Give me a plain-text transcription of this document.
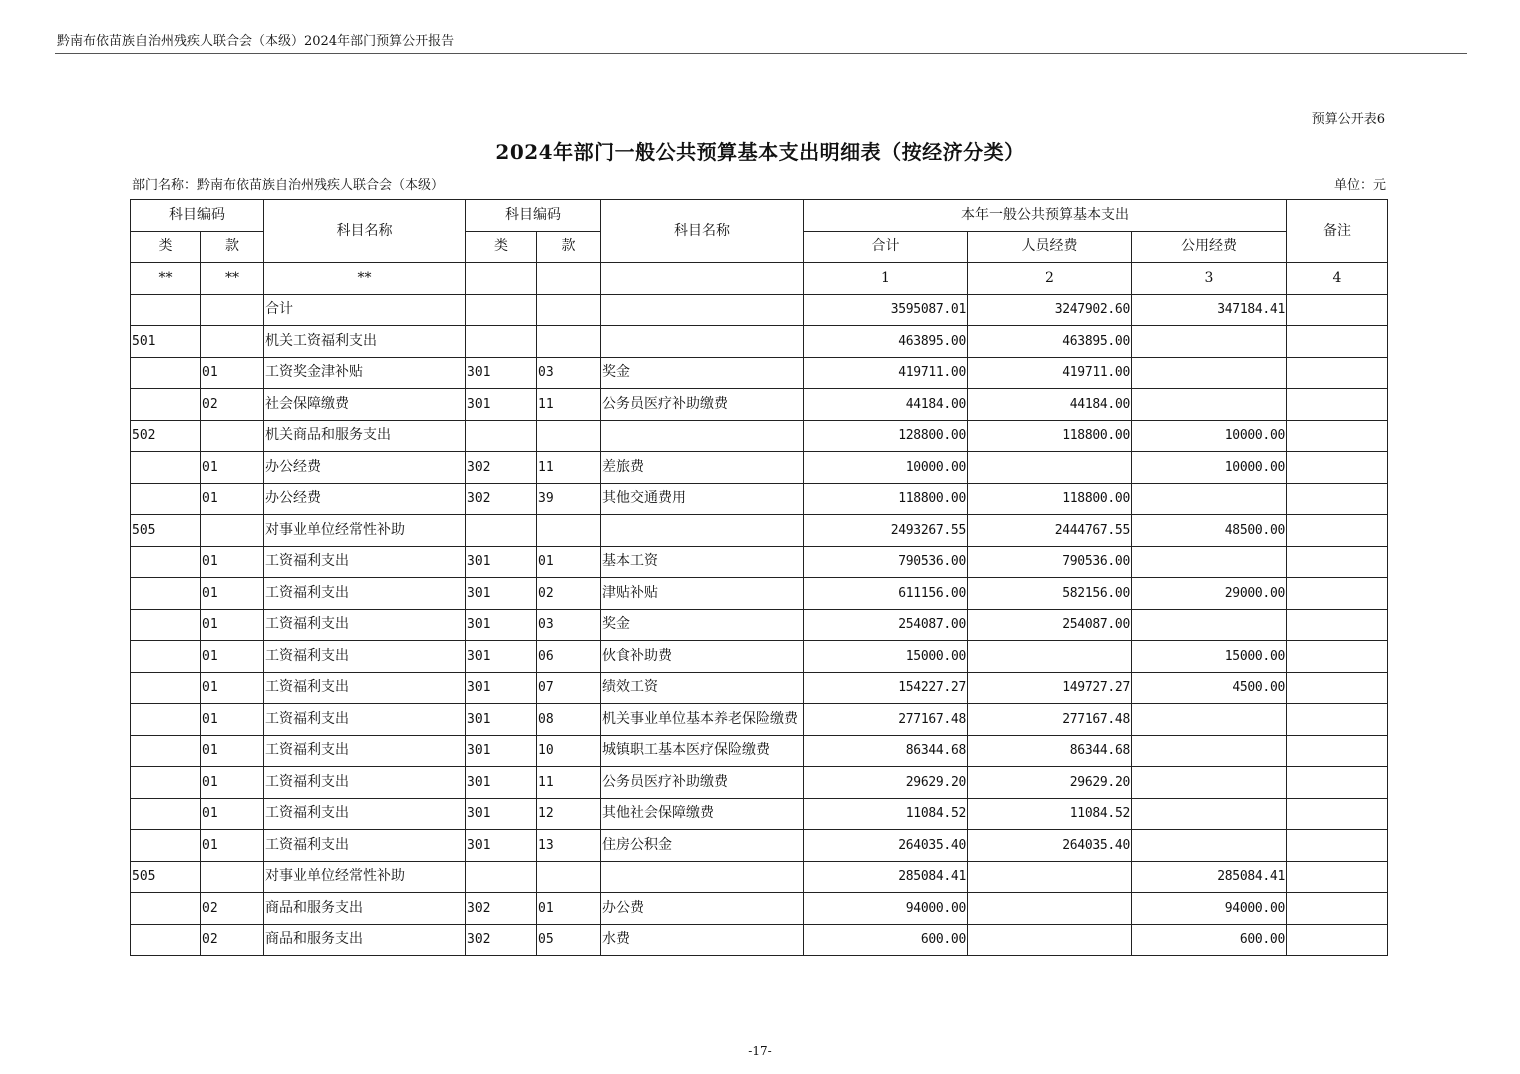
黔南布依苗族自治州残疾人联合会（本级）2024年部门预算公开报告
预算公开表6
2024年部门一般公共预算基本支出明细表（按经济分类）
部门名称：黔南布依苗族自治州残疾人联合会（本级）	单位：元
科目编码		科目名称	科目编码		科目名称	本年一般公共预算基本支出			备注
类	款		类	款		合计	人员经费	公用经费	
**	**	**				1	2	3	4
		合计				3595087.01	3247902.60	347184.41	
501		机关工资福利支出				463895.00	463895.00		
	01	工资奖金津补贴	301	03	奖金	419711.00	419711.00		
	02	社会保障缴费	301	11	公务员医疗补助缴费	44184.00	44184.00		
502		机关商品和服务支出				128800.00	118800.00	10000.00	
	01	办公经费	302	11	差旅费	10000.00		10000.00	
	01	办公经费	302	39	其他交通费用	118800.00	118800.00		
505		对事业单位经常性补助				2493267.55	2444767.55	48500.00	
	01	工资福利支出	301	01	基本工资	790536.00	790536.00		
	01	工资福利支出	301	02	津贴补贴	611156.00	582156.00	29000.00	
	01	工资福利支出	301	03	奖金	254087.00	254087.00		
	01	工资福利支出	301	06	伙食补助费	15000.00		15000.00	
	01	工资福利支出	301	07	绩效工资	154227.27	149727.27	4500.00	
	01	工资福利支出	301	08	机关事业单位基本养老保险缴费	277167.48	277167.48		
	01	工资福利支出	301	10	城镇职工基本医疗保险缴费	86344.68	86344.68		
	01	工资福利支出	301	11	公务员医疗补助缴费	29629.20	29629.20		
	01	工资福利支出	301	12	其他社会保障缴费	11084.52	11084.52		
	01	工资福利支出	301	13	住房公积金	264035.40	264035.40		
505		对事业单位经常性补助				285084.41		285084.41	
	02	商品和服务支出	302	01	办公费	94000.00		94000.00	
	02	商品和服务支出	302	05	水费	600.00		600.00	
-17-
